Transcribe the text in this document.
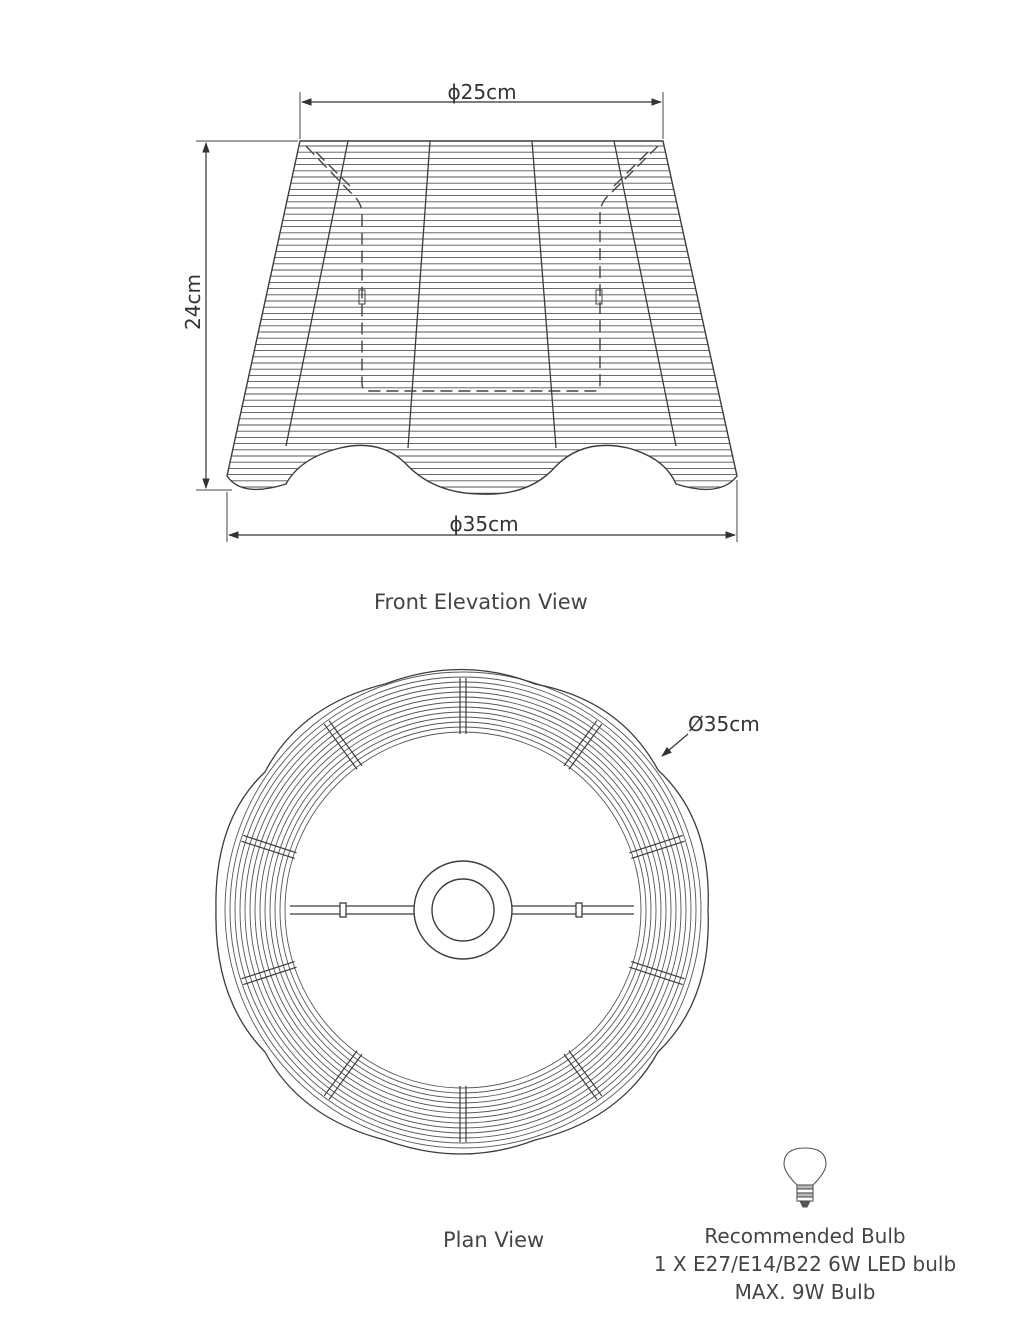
ϕ25cm
24cm
ϕ35cm
Ø35cm
Front Elevation View
Plan View	Recommended Bulb
1 X E27/E14/B22 6W LED bulb
MAX. 9W Bulb
